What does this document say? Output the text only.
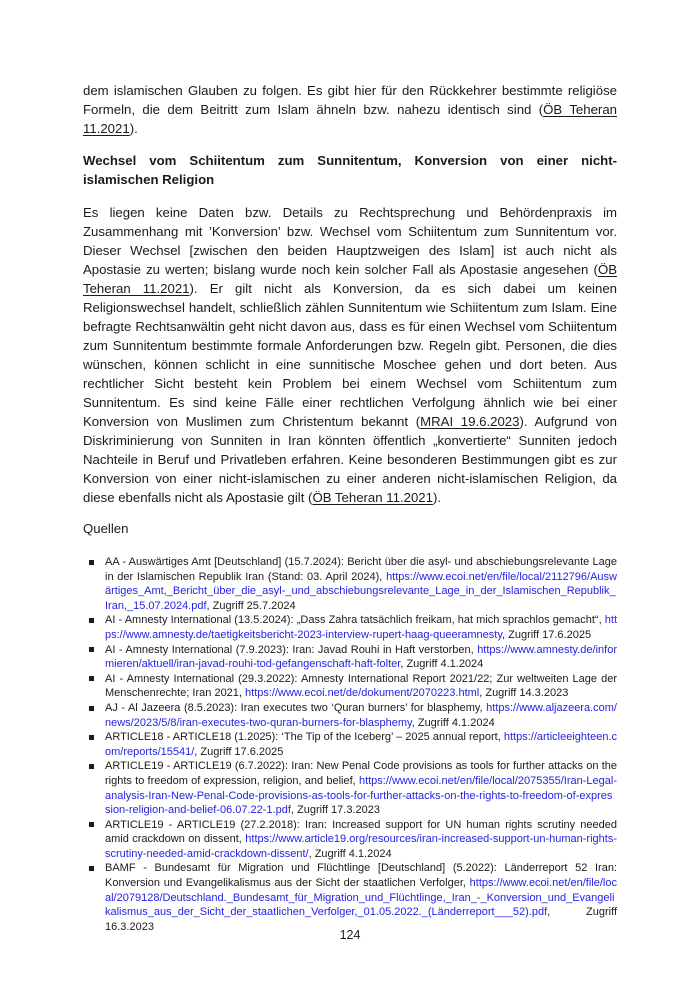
dem islamischen Glauben zu folgen. Es gibt hier für den Rückkehrer bestimmte religiöse Formeln, die dem Beitritt zum Islam ähneln bzw. nahezu identisch sind (ÖB Teheran 11.2021).

Wechsel vom Schiitentum zum Sunnitentum, Konversion von einer nicht-islamischen Religion

Es liegen keine Daten bzw. Details zu Rechtsprechung und Behördenpraxis im Zusammenhang mit ’Konversion’ bzw. Wechsel vom Schiitentum zum Sunnitentum vor. Dieser Wechsel [zwischen den beiden Hauptzweigen des Islam] ist auch nicht als Apostasie zu werten; bislang wurde noch kein solcher Fall als Apostasie angesehen (ÖB Teheran 11.2021). Er gilt nicht als Konversion, da es sich dabei um keinen Religionswechsel handelt, schließlich zählen Sunnitentum wie Schiitentum zum Islam. Eine befragte Rechtsanwältin geht nicht davon aus, dass es für einen Wechsel vom Schiitentum zum Sunnitentum bestimmte formale Anforderungen bzw. Regeln gibt. Personen, die dies wünschen, können schlicht in eine sunnitische Moschee gehen und dort beten. Aus rechtlicher Sicht besteht kein Problem bei einem Wechsel vom Schiitentum zum Sunnitentum. Es sind keine Fälle einer rechtlichen Verfolgung ähnlich wie bei einer Konversion von Muslimen zum Christentum bekannt (MRAI 19.6.2023). Aufgrund von Diskriminierung von Sunniten in Iran könnten öffentlich „konvertierte“ Sunniten jedoch Nachteile in Beruf und Privatleben erfahren. Keine besonderen Bestimmungen gibt es zur Konversion von einer nicht-islamischen zu einer anderen nicht-islamischen Religion, da diese ebenfalls nicht als Apostasie gilt (ÖB Teheran 11.2021).

Quellen

AA - Auswärtiges Amt [Deutschland] (15.7.2024): Bericht über die asyl- und abschiebungsrelevante Lage in der Islamischen Republik Iran (Stand: 03. April 2024), https://www.ecoi.net/en/file/local/2112796/Auswärtiges_Amt,_Bericht_über_die_asyl-_und_abschiebungsrelevante_Lage_in_der_Islamischen_Republik_Iran,_15.07.2024.pdf, Zugriff 25.7.2024
AI - Amnesty International (13.5.2024): „Dass Zahra tatsächlich freikam, hat mich sprachlos gemacht“, https://www.amnesty.de/taetigkeitsbericht-2023-interview-rupert-haag-queeramnesty, Zugriff 17.6.2025
AI - Amnesty International (7.9.2023): Iran: Javad Rouhi in Haft verstorben, https://www.amnesty.de/informieren/aktuell/iran-javad-rouhi-tod-gefangenschaft-haft-folter, Zugriff 4.1.2024
AI - Amnesty International (29.3.2022): Amnesty International Report 2021/22; Zur weltweiten Lage der Menschenrechte; Iran 2021, https://www.ecoi.net/de/dokument/2070223.html, Zugriff 14.3.2023
AJ - Al Jazeera (8.5.2023): Iran executes two ‘Quran burners’ for blasphemy, https://www.aljazeera.com/news/2023/5/8/iran-executes-two-quran-burners-for-blasphemy, Zugriff 4.1.2024
ARTICLE18 - ARTICLE18 (1.2025): ‘The Tip of the Iceberg’ – 2025 annual report, https://articleeighteen.com/reports/15541/, Zugriff 17.6.2025
ARTICLE19 - ARTICLE19 (6.7.2022): Iran: New Penal Code provisions as tools for further attacks on the rights to freedom of expression, religion, and belief, https://www.ecoi.net/en/file/local/2075355/Iran-Legal-analysis-Iran-New-Penal-Code-provisions-as-tools-for-further-attacks-on-the-rights-to-freedom-of-expression-religion-and-belief-06.07.22-1.pdf, Zugriff 17.3.2023
ARTICLE19 - ARTICLE19 (27.2.2018): Iran: Increased support for UN human rights scrutiny needed amid crackdown on dissent, https://www.article19.org/resources/iran-increased-support-un-human-rights-scrutiny-needed-amid-crackdown-dissent/, Zugriff 4.1.2024
BAMF - Bundesamt für Migration und Flüchtlinge [Deutschland] (5.2022): Länderreport 52 Iran: Konversion und Evangelikalismus aus der Sicht der staatlichen Verfolger, https://www.ecoi.net/en/file/local/2079128/Deutschland._Bundesamt_für_Migration_und_Flüchtlinge,_Iran_-_Konversion_und_Evangelikalismus_aus_der_Sicht_der_staatlichen_Verfolger,_01.05.2022._(Länderreport___52).pdf, Zugriff 16.3.2023
124
